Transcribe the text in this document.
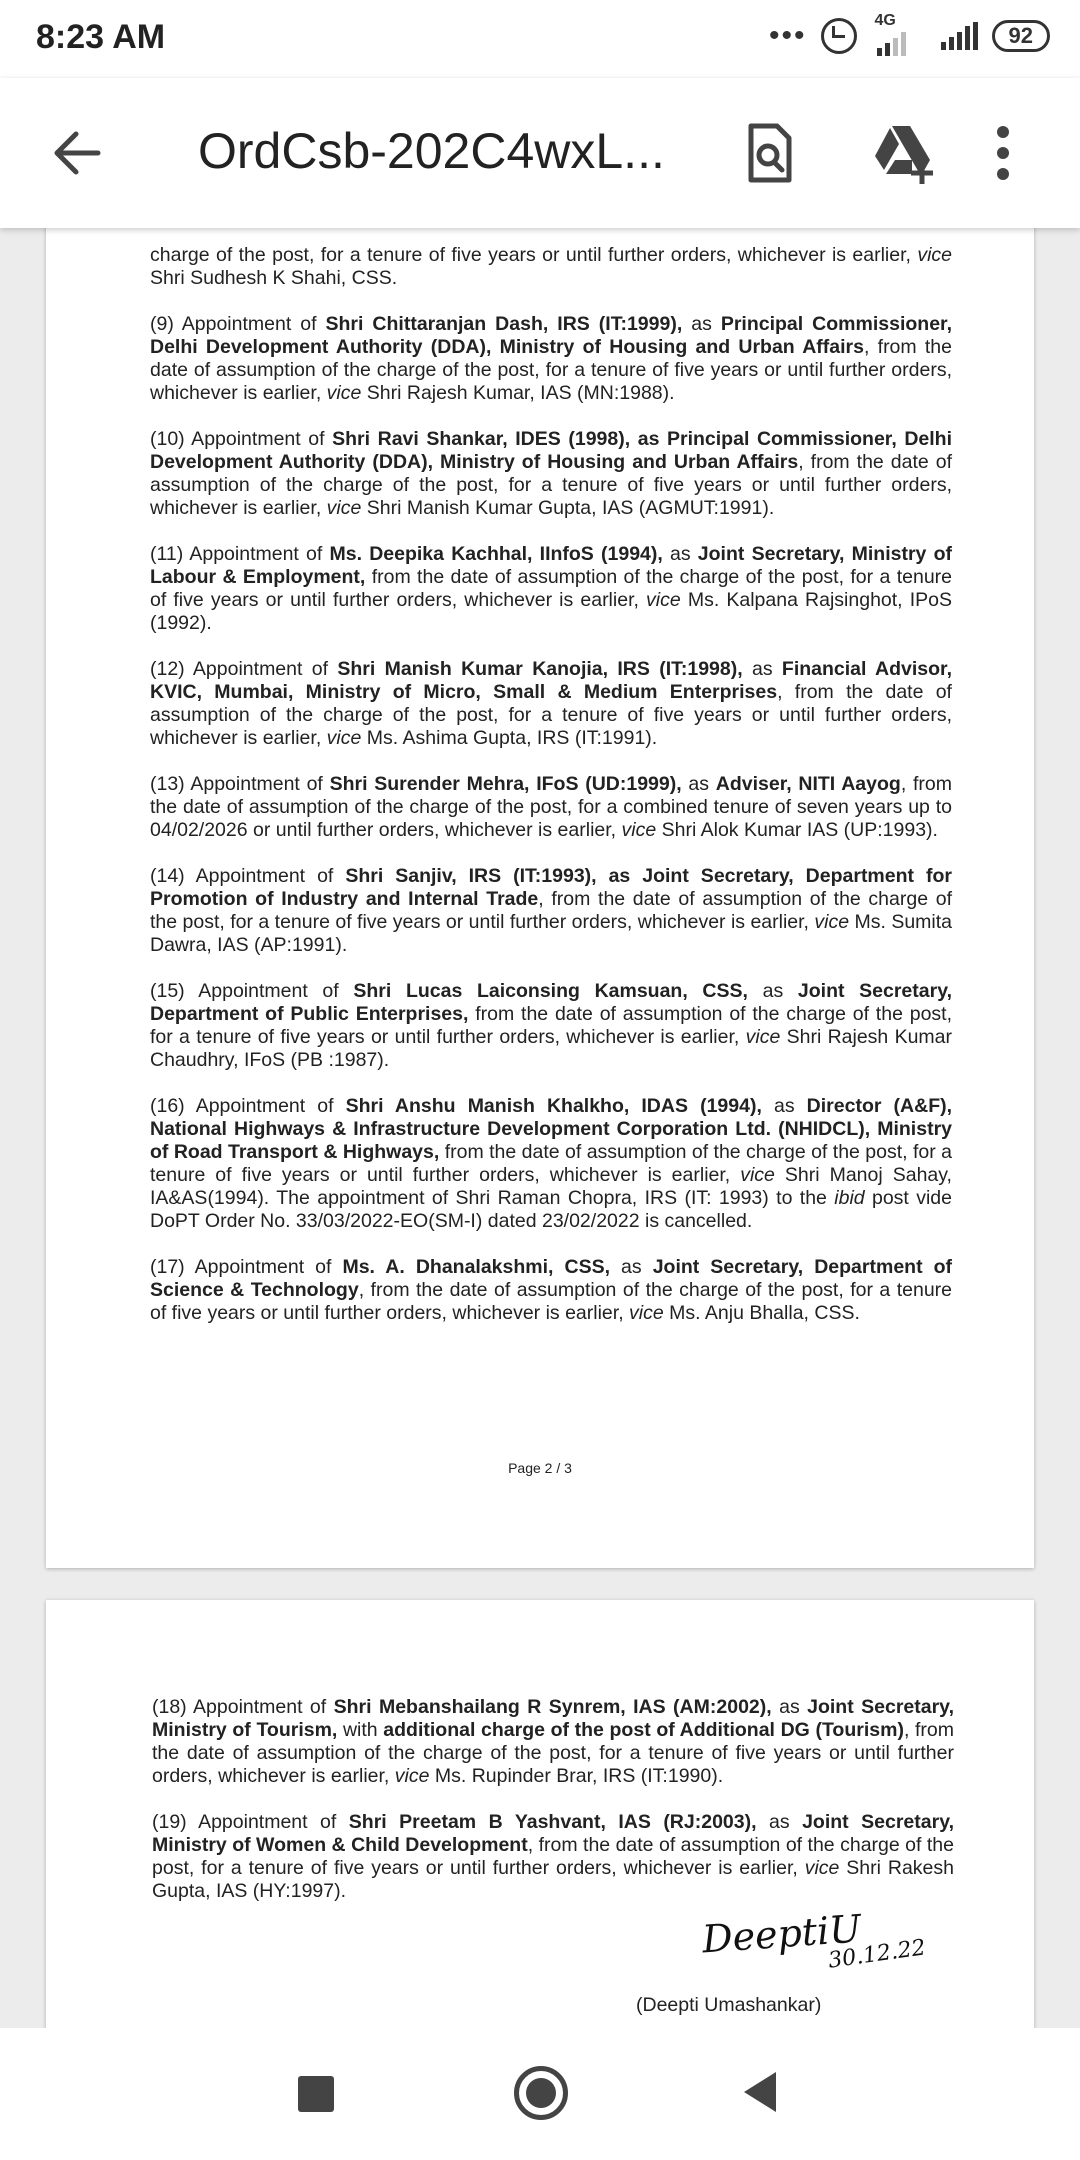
8:23 AM	•••	4G
92
OrdCsb-202C4wxL...

charge of the post, for a tenure of five years or until further orders, whichever is earlier, vice Shri Sudhesh K Shahi, CSS.

(9) Appointment of Shri Chittaranjan Dash, IRS (IT:1999), as Principal Commissioner, Delhi Development Authority (DDA), Ministry of Housing and Urban Affairs, from the date of assumption of the charge of the post, for a tenure of five years or until further orders, whichever is earlier, vice Shri Rajesh Kumar, IAS (MN:1988).

(10) Appointment of Shri Ravi Shankar, IDES (1998), as Principal Commissioner, Delhi Development Authority (DDA), Ministry of Housing and Urban Affairs, from the date of assumption of the charge of the post, for a tenure of five years or until further orders, whichever is earlier, vice Shri Manish Kumar Gupta, IAS (AGMUT:1991).

(11) Appointment of Ms. Deepika Kachhal, IInfoS (1994), as Joint Secretary, Ministry of Labour & Employment, from the date of assumption of the charge of the post, for a tenure of five years or until further orders, whichever is earlier, vice Ms. Kalpana Rajsinghot, IPoS (1992).

(12) Appointment of Shri Manish Kumar Kanojia, IRS (IT:1998), as Financial Advisor, KVIC, Mumbai, Ministry of Micro, Small & Medium Enterprises, from the date of assumption of the charge of the post, for a tenure of five years or until further orders, whichever is earlier, vice Ms. Ashima Gupta, IRS (IT:1991).

(13) Appointment of Shri Surender Mehra, IFoS (UD:1999), as Adviser, NITI Aayog, from the date of assumption of the charge of the post, for a combined tenure of seven years up to 04/02/2026 or until further orders, whichever is earlier, vice Shri Alok Kumar IAS (UP:1993).

(14) Appointment of Shri Sanjiv, IRS (IT:1993), as Joint Secretary, Department for Promotion of Industry and Internal Trade, from the date of assumption of the charge of the post, for a tenure of five years or until further orders, whichever is earlier, vice Ms. Sumita Dawra, IAS (AP:1991).

(15) Appointment of Shri Lucas Laiconsing Kamsuan, CSS, as Joint Secretary, Department of Public Enterprises, from the date of assumption of the charge of the post, for a tenure of five years or until further orders, whichever is earlier, vice Shri Rajesh Kumar Chaudhry, IFoS (PB :1987).

(16) Appointment of Shri Anshu Manish Khalkho, IDAS (1994), as Director (A&F), National Highways & Infrastructure Development Corporation Ltd. (NHIDCL), Ministry of Road Transport & Highways, from the date of assumption of the charge of the post, for a tenure of five years or until further orders, whichever is earlier, vice Shri Manoj Sahay, IA&AS(1994). The appointment of Shri Raman Chopra, IRS (IT: 1993) to the ibid post vide DoPT Order No. 33/03/2022-EO(SM-I) dated 23/02/2022 is cancelled.

(17) Appointment of Ms. A. Dhanalakshmi, CSS, as Joint Secretary, Department of Science & Technology, from the date of assumption of the charge of the post, for a tenure of five years or until further orders, whichever is earlier, vice Ms. Anju Bhalla, CSS.

Page 2 / 3

(18) Appointment of Shri Mebanshailang R Synrem, IAS (AM:2002), as Joint Secretary, Ministry of Tourism, with additional charge of the post of Additional DG (Tourism), from the date of assumption of the charge of the post, for a tenure of five years or until further orders, whichever is earlier, vice Ms. Rupinder Brar, IRS (IT:1990).

(19) Appointment of Shri Preetam B Yashvant, IAS (RJ:2003), as Joint Secretary, Ministry of Women & Child Development, from the date of assumption of the charge of the post, for a tenure of five years or until further orders, whichever is earlier, vice Shri Rakesh Gupta, IAS (HY:1997).

DeeptiU
30.12.22
(Deepti Umashankar)
